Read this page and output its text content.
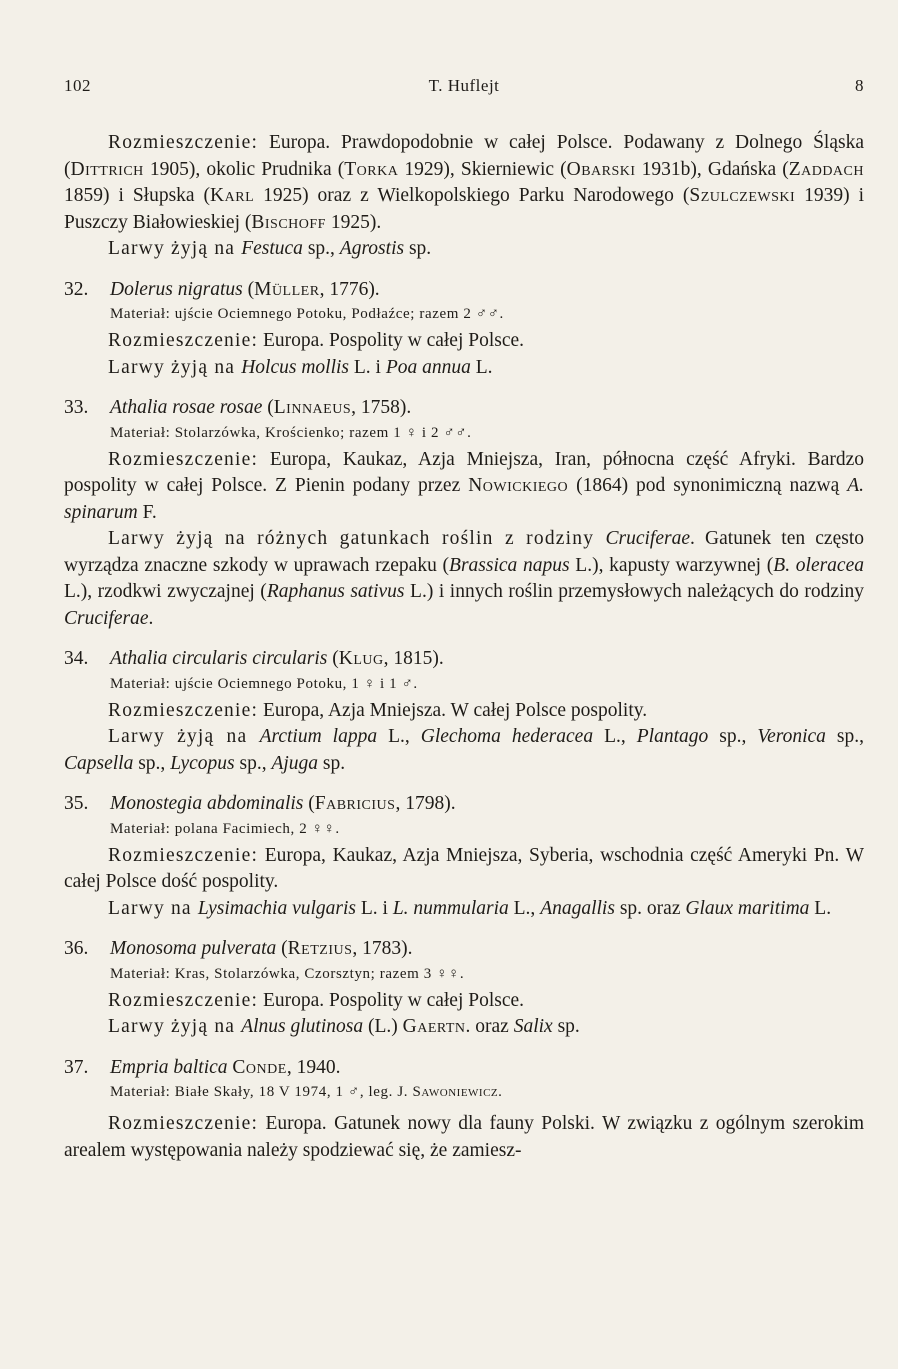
102	T. Huflejt	8

Rozmieszczenie: Europa. Prawdopodobnie w całej Polsce. Podawany z Dolnego Śląska (Dittrich 1905), okolic Prudnika (Torka 1929), Skierniewic (Obarski 1931b), Gdańska (Zaddach 1859) i Słupska (Karl 1925) oraz z Wielkopolskiego Parku Narodowego (Szulczewski 1939) i Puszczy Białowieskiej (Bischoff 1925).

Larwy żyją na Festuca sp., Agrostis sp.

32. Dolerus nigratus (Müller, 1776).

Materiał: ujście Ociemnego Potoku, Podłaźce; razem 2 ♂♂.

Rozmieszczenie: Europa. Pospolity w całej Polsce.

Larwy żyją na Holcus mollis L. i Poa annua L.

33. Athalia rosae rosae (Linnaeus, 1758).

Materiał: Stolarzówka, Krościenko; razem 1 ♀ i 2 ♂♂.

Rozmieszczenie: Europa, Kaukaz, Azja Mniejsza, Iran, północna część Afryki. Bardzo pospolity w całej Polsce. Z Pienin podany przez Nowickiego (1864) pod synonimiczną nazwą A. spinarum F.

Larwy żyją na różnych gatunkach roślin z rodziny Cruciferae. Gatunek ten często wyrządza znaczne szkody w uprawach rzepaku (Brassica napus L.), kapusty warzywnej (B. oleracea L.), rzodkwi zwyczajnej (Raphanus sativus L.) i innych roślin przemysłowych należących do rodziny Cruciferae.

34. Athalia circularis circularis (Klug, 1815).

Materiał: ujście Ociemnego Potoku, 1 ♀ i 1 ♂.

Rozmieszczenie: Europa, Azja Mniejsza. W całej Polsce pospolity.

Larwy żyją na Arctium lappa L., Glechoma hederacea L., Plantago sp., Veronica sp., Capsella sp., Lycopus sp., Ajuga sp.

35. Monostegia abdominalis (Fabricius, 1798).

Materiał: polana Facimiech, 2 ♀♀.

Rozmieszczenie: Europa, Kaukaz, Azja Mniejsza, Syberia, wschodnia część Ameryki Pn. W całej Polsce dość pospolity.

Larwy na Lysimachia vulgaris L. i L. nummularia L., Anagallis sp. oraz Glaux maritima L.

36. Monosoma pulverata (Retzius, 1783).

Materiał: Kras, Stolarzówka, Czorsztyn; razem 3 ♀♀.

Rozmieszczenie: Europa. Pospolity w całej Polsce.

Larwy żyją na Alnus glutinosa (L.) Gaertn. oraz Salix sp.

37. Empria baltica Conde, 1940.

Materiał: Białe Skały, 18 V 1974, 1 ♂, leg. J. Sawoniewicz.

Rozmieszczenie: Europa. Gatunek nowy dla fauny Polski. W związku z ogólnym szerokim arealem występowania należy spodziewać się, że zamiesz-
